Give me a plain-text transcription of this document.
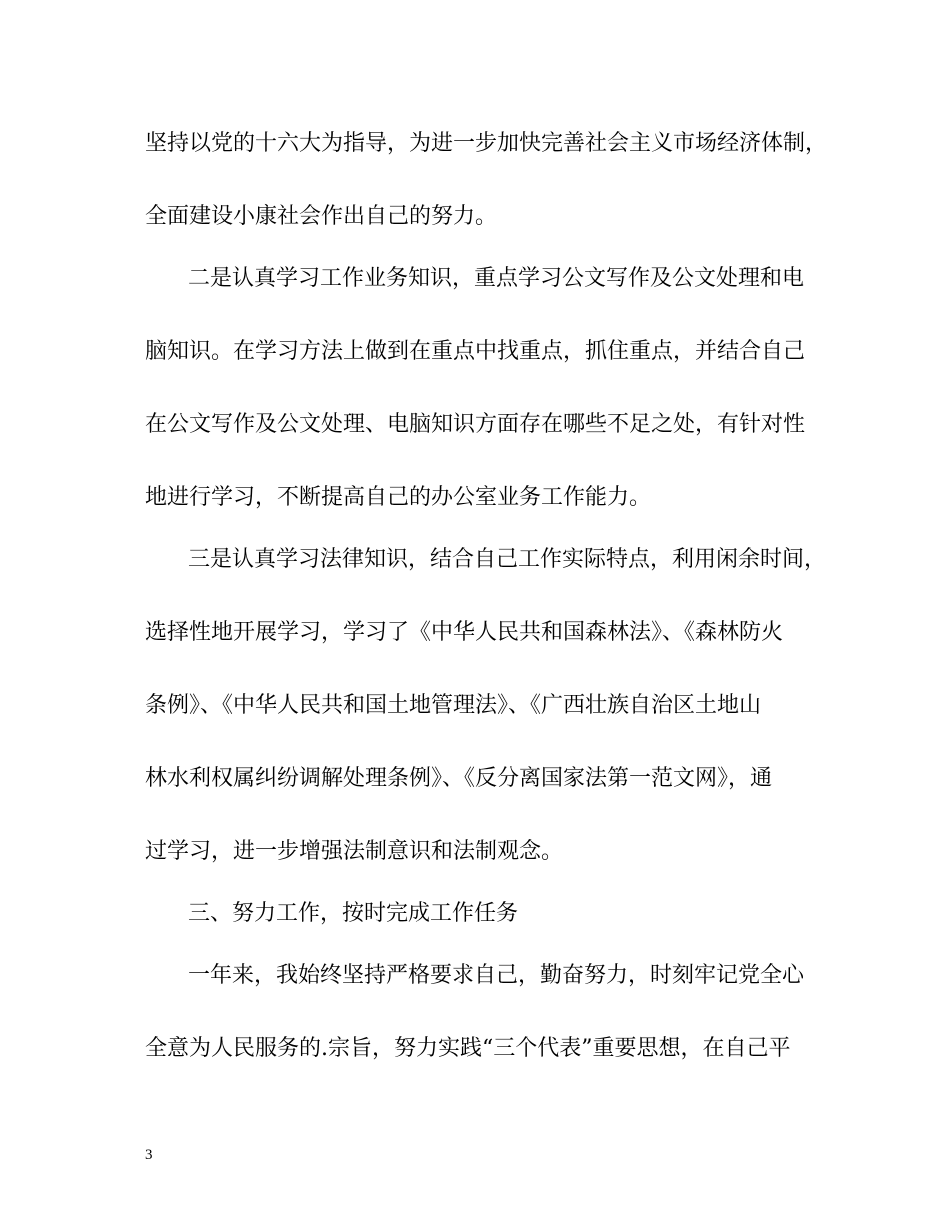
坚持以党的十六大为指导，为进一步加快完善社会主义市场经济体制，
全面建设小康社会作出自己的努力。
二是认真学习工作业务知识，重点学习公文写作及公文处理和电
脑知识。在学习方法上做到在重点中找重点，抓住重点，并结合自己
在公文写作及公文处理、电脑知识方面存在哪些不足之处，有针对性
地进行学习，不断提高自己的办公室业务工作能力。
三是认真学习法律知识，结合自己工作实际特点，利用闲余时间，
选择性地开展学习，学习了《中华人民共和国森林法》、《森林防火
条例》、《中华人民共和国土地管理法》、《广西壮族自治区土地山
林水利权属纠纷调解处理条例》、《反分离国家法第一范文网》，通
过学习，进一步增强法制意识和法制观念。
三、努力工作，按时完成工作任务
一年来，我始终坚持严格要求自己，勤奋努力，时刻牢记党全心
全意为人民服务的.宗旨，努力实践“三个代表”重要思想，在自己平
3
